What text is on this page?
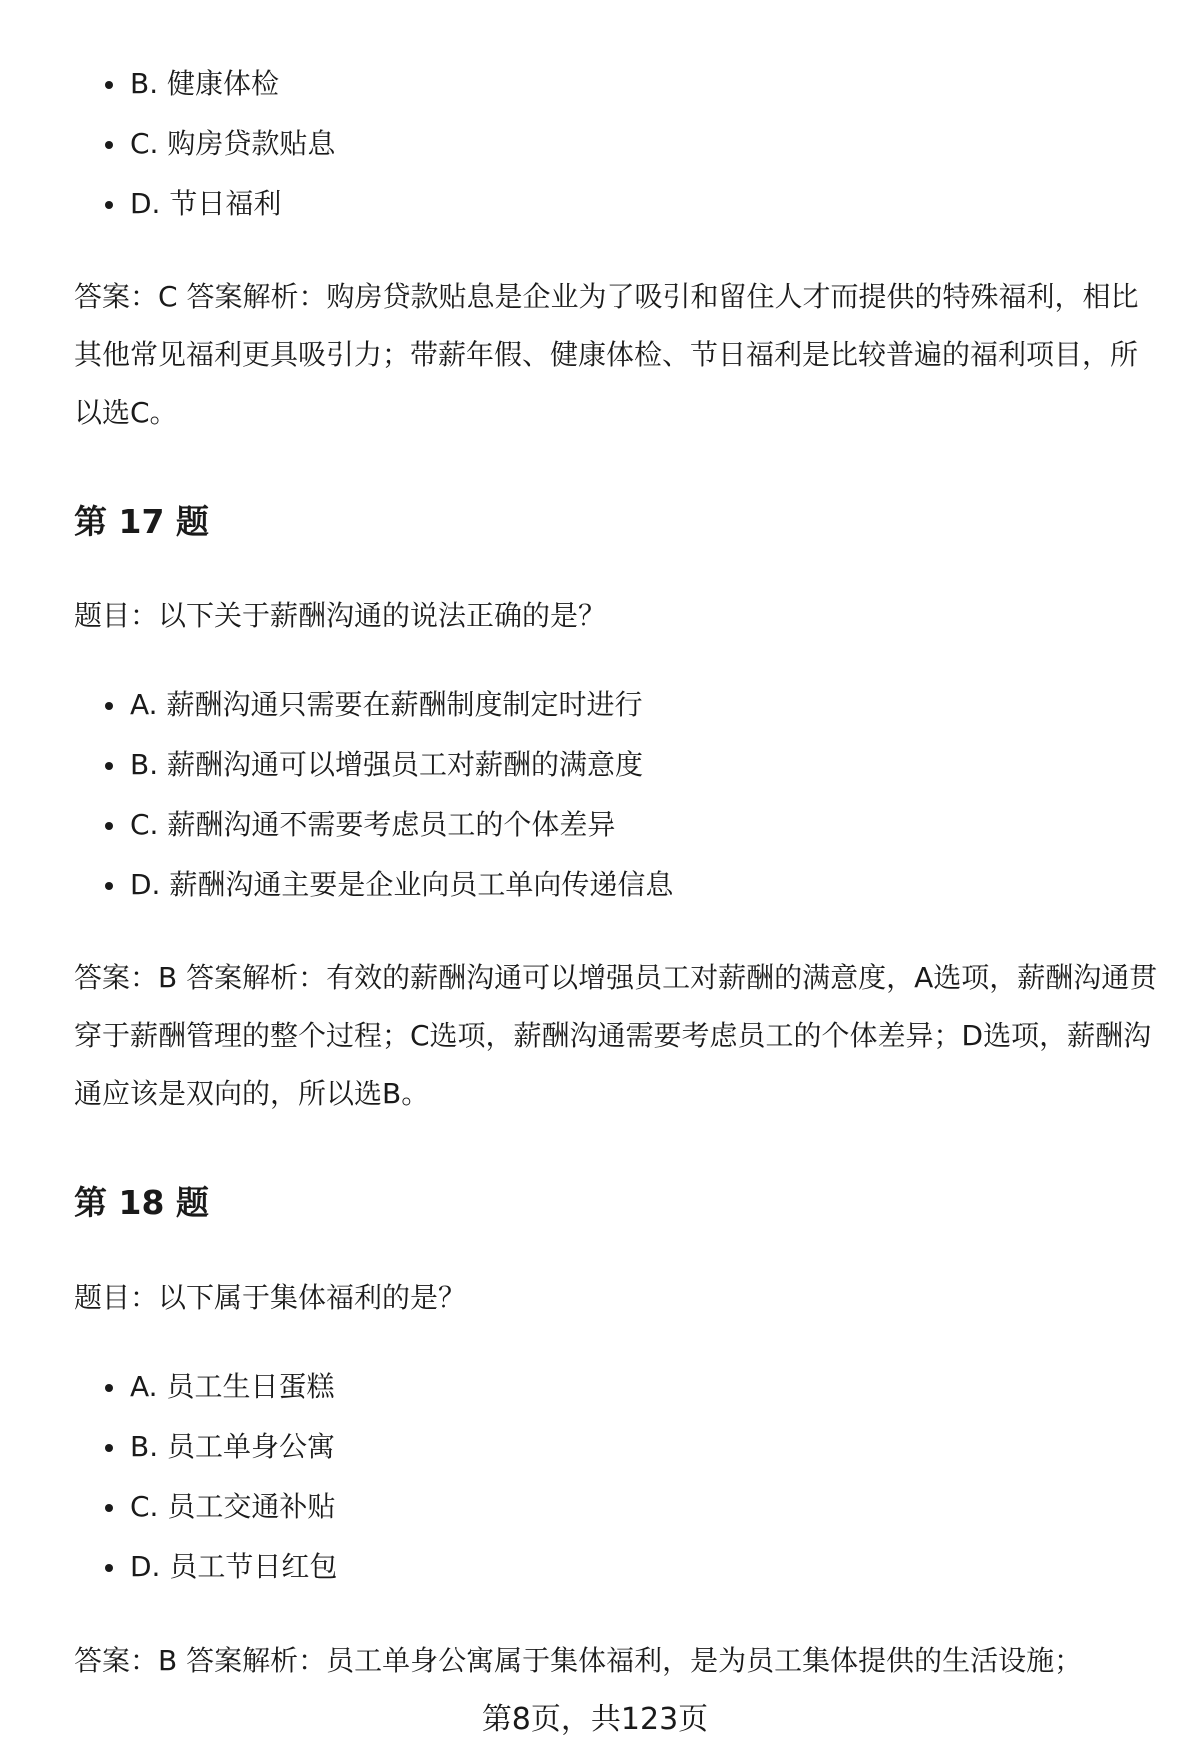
B. 健康体检
C. 购房贷款贴息
D. 节日福利

答案：C 答案解析：购房贷款贴息是企业为了吸引和留住人才而提供的特殊福利，相比其他常见福利更具吸引力；带薪年假、健康体检、节日福利是比较普遍的福利项目，所以选C。

第 17 题

题目：以下关于薪酬沟通的说法正确的是？

A. 薪酬沟通只需要在薪酬制度制定时进行
B. 薪酬沟通可以增强员工对薪酬的满意度
C. 薪酬沟通不需要考虑员工的个体差异
D. 薪酬沟通主要是企业向员工单向传递信息

答案：B 答案解析：有效的薪酬沟通可以增强员工对薪酬的满意度，A选项，薪酬沟通贯穿于薪酬管理的整个过程；C选项，薪酬沟通需要考虑员工的个体差异；D选项，薪酬沟通应该是双向的，所以选B。

第 18 题

题目：以下属于集体福利的是？

A. 员工生日蛋糕
B. 员工单身公寓
C. 员工交通补贴
D. 员工节日红包

答案：B 答案解析：员工单身公寓属于集体福利，是为员工集体提供的生活设施；

第8页，共123页
